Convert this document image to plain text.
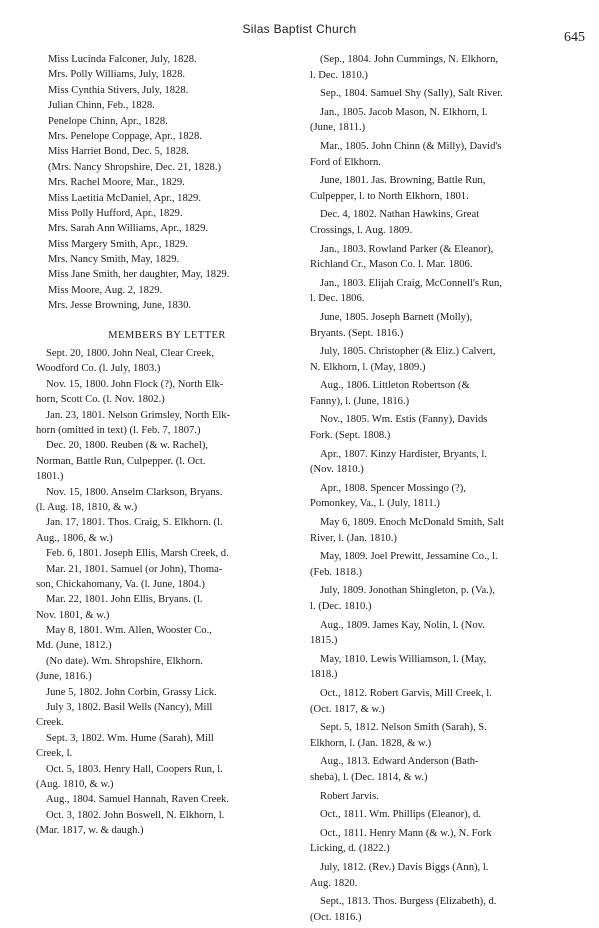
Silas Baptist Church
645
Miss Lucinda Falconer, July, 1828.
Mrs. Polly Williams, July, 1828.
Miss Cynthia Stivers, July, 1828.
Julian Chinn, Feb., 1828.
Penelope Chinn, Apr., 1828.
Mrs. Penelope Coppage, Apr., 1828.
Miss Harriet Bond, Dec. 5, 1828.
(Mrs. Nancy Shropshire, Dec. 21, 1828.)
Mrs. Rachel Moore, Mar., 1829.
Miss Laetitia McDaniel, Apr., 1829.
Miss Polly Hufford, Apr., 1829.
Mrs. Sarah Ann Williams, Apr., 1829.
Miss Margery Smith, Apr., 1829.
Mrs. Nancy Smith, May, 1829.
Miss Jane Smith, her daughter, May, 1829.
Miss Moore, Aug. 2, 1829.
Mrs. Jesse Browning, June, 1830.
MEMBERS BY LETTER
Sept. 20, 1800. John Neal, Clear Creek,
Woodford Co. (l. July, 1803.)
Nov. 15, 1800. John Flock (?), North Elk-
horn, Scott Co. (l. Nov. 1802.)
Jan. 23, 1801. Nelson Grimsley, North Elk-
horn (omitted in text) (l. Feb. 7, 1807.)
Dec. 20, 1800. Reuben (& w. Rachel),
Norman, Battle Run, Culpepper. (l. Oct.
1801.)
Nov. 15, 1800. Anselm Clarkson, Bryans.
(l. Aug. 18, 1810, & w.)
Jan. 17, 1801. Thos. Craig, S. Elkhorn. (l.
Aug., 1806, & w.)
Feb. 6, 1801. Joseph Ellis, Marsh Creek, d.
Mar. 21, 1801. Samuel (or John), Thoma-
son, Chickahomany, Va. (l. June, 1804.)
Mar. 22, 1801. John Ellis, Bryans. (l.
Nov. 1801, & w.)
May 8, 1801. Wm. Allen, Wooster Co.,
Md. (June, 1812.)
(No date). Wm. Shropshire, Elkhorn.
(June, 1816.)
June 5, 1802. John Corbin, Grassy Lick.
July 3, 1802. Basil Wells (Nancy), Mill
Creek.
Sept. 3, 1802. Wm. Hume (Sarah), Mill
Creek, l.
Oct. 5, 1803. Henry Hall, Coopers Run, l.
(Aug. 1810, & w.)
Aug., 1804. Samuel Hannah, Raven Creek.
Oct. 3, 1802. John Boswell, N. Elkhorn, l.
(Mar. 1817, w. & daugh.)
(Sep., 1804. John Cummings, N. Elkhorn,
l. Dec. 1810.)
Sep., 1804. Samuel Shy (Sally), Salt River.
Jan., 1805. Jacob Mason, N. Elkhorn, l.
(June, 1811.)
Mar., 1805. John Chinn (& Milly), David's
Ford of Elkhorn.
June, 1801. Jas. Browning, Battle Run,
Culpepper, l. to North Elkhorn, 1801.
Dec. 4, 1802. Nathan Hawkins, Great
Crossings, l. Aug. 1809.
Jan., 1803. Rowland Parker (& Eleanor),
Richland Cr., Mason Co. l. Mar. 1806.
Jan., 1803. Elijah Craig, McConnell's Run,
l. Dec. 1806.
June, 1805. Joseph Barnett (Molly),
Bryants. (Sept. 1816.)
July, 1805. Christopher (& Eliz.) Calvert,
N. Elkhorn, l. (May, 1809.)
Aug., 1806. Littleton Robertson (&
Fanny), l. (June, 1816.)
Nov., 1805. Wm. Estis (Fanny), Davids
Fork. (Sept. 1808.)
Apr., 1807. Kinzy Hardister, Bryants, l.
(Nov. 1810.)
Apr., 1808. Spencer Mossingo (?),
Pomonkey, Va., l. (July, 1811.)
May 6, 1809. Enoch McDonald Smith, Salt
River, l. (Jan. 1810.)
May, 1809. Joel Prewitt, Jessamine Co., l.
(Feb. 1818.)
July, 1809. Jonothan Shingleton, p. (Va.),
l. (Dec. 1810.)
Aug., 1809. James Kay, Nolin, l. (Nov.
1815.)
May, 1810. Lewis Williamson, l. (May,
1818.)
Oct., 1812. Robert Garvis, Mill Creek, l.
(Oct. 1817, & w.)
Sept. 5, 1812. Nelson Smith (Sarah), S.
Elkhorn, l. (Jan. 1828, & w.)
Aug., 1813. Edward Anderson (Bath-
sheba), l. (Dec. 1814, & w.)
Robert Jarvis.
Oct., 1811. Wm. Phillips (Eleanor), d.
Oct., 1811. Henry Mann (& w.), N. Fork
Licking, d. (1822.)
July, 1812. (Rev.) Davis Biggs (Ann), l.
Aug. 1820.
Sept., 1813. Thos. Burgess (Elizabeth), d.
(Oct. 1816.)
